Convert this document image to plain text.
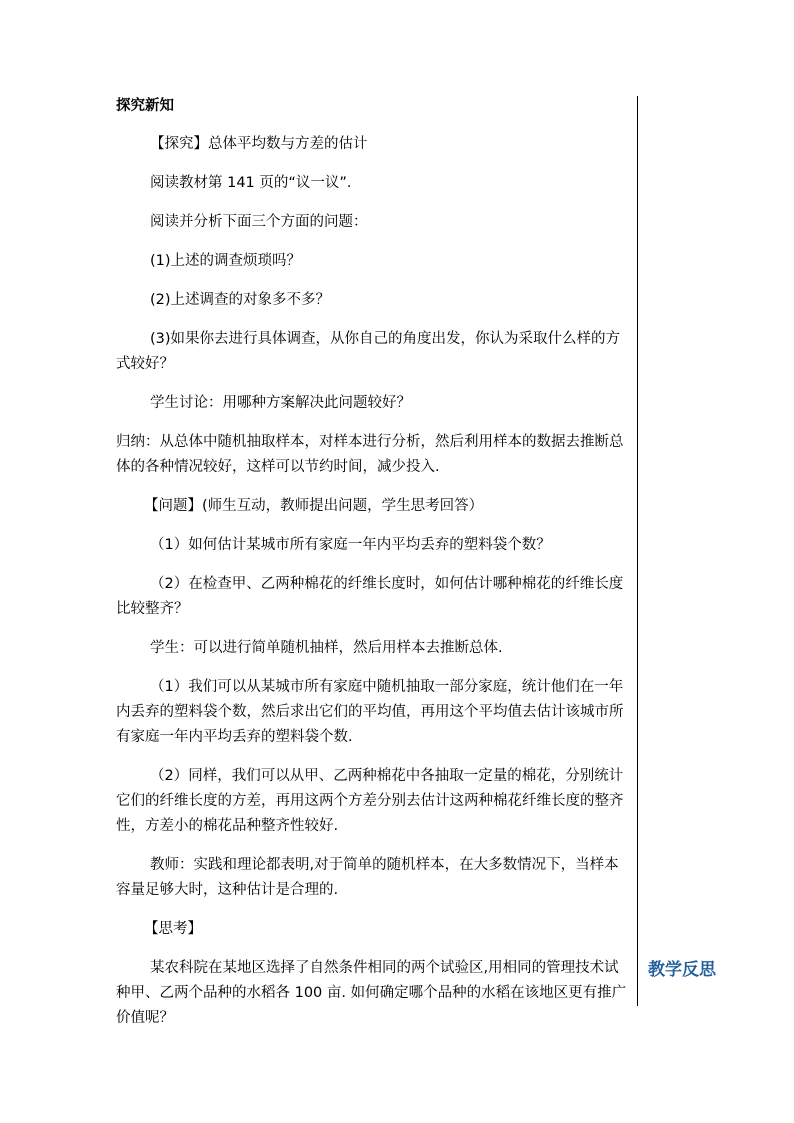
探究新知

【探究】总体平均数与方差的估计

阅读教材第 141 页的“议一议”.

阅读并分析下面三个方面的问题：

(1)上述的调查烦琐吗？

(2)上述调查的对象多不多？

(3)如果你去进行具体调查，从你自己的角度出发，你认为采取什么样的方式较好？

学生讨论：用哪种方案解决此问题较好？

归纳：从总体中随机抽取样本，对样本进行分析，然后利用样本的数据去推断总体的各种情况较好，这样可以节约时间，减少投入.

【问题】(师生互动，教师提出问题，学生思考回答）

（1）如何估计某城市所有家庭一年内平均丢弃的塑料袋个数？

（2）在检查甲、乙两种棉花的纤维长度时，如何估计哪种棉花的纤维长度比较整齐？

学生：可以进行简单随机抽样，然后用样本去推断总体.

（1）我们可以从某城市所有家庭中随机抽取一部分家庭，统计他们在一年内丢弃的塑料袋个数，然后求出它们的平均值，再用这个平均值去估计该城市所有家庭一年内平均丢弃的塑料袋个数.

（2）同样，我们可以从甲、乙两种棉花中各抽取一定量的棉花，分别统计它们的纤维长度的方差，再用这两个方差分别去估计这两种棉花纤维长度的整齐性，方差小的棉花品种整齐性较好.

教师：实践和理论都表明,对于简单的随机样本，在大多数情况下，当样本容量足够大时，这种估计是合理的.

【思考】

某农科院在某地区选择了自然条件相同的两个试验区,用相同的管理技术试种甲、乙两个品种的水稻各 100 亩. 如何确定哪个品种的水稻在该地区更有推广价值呢？

教学反思
